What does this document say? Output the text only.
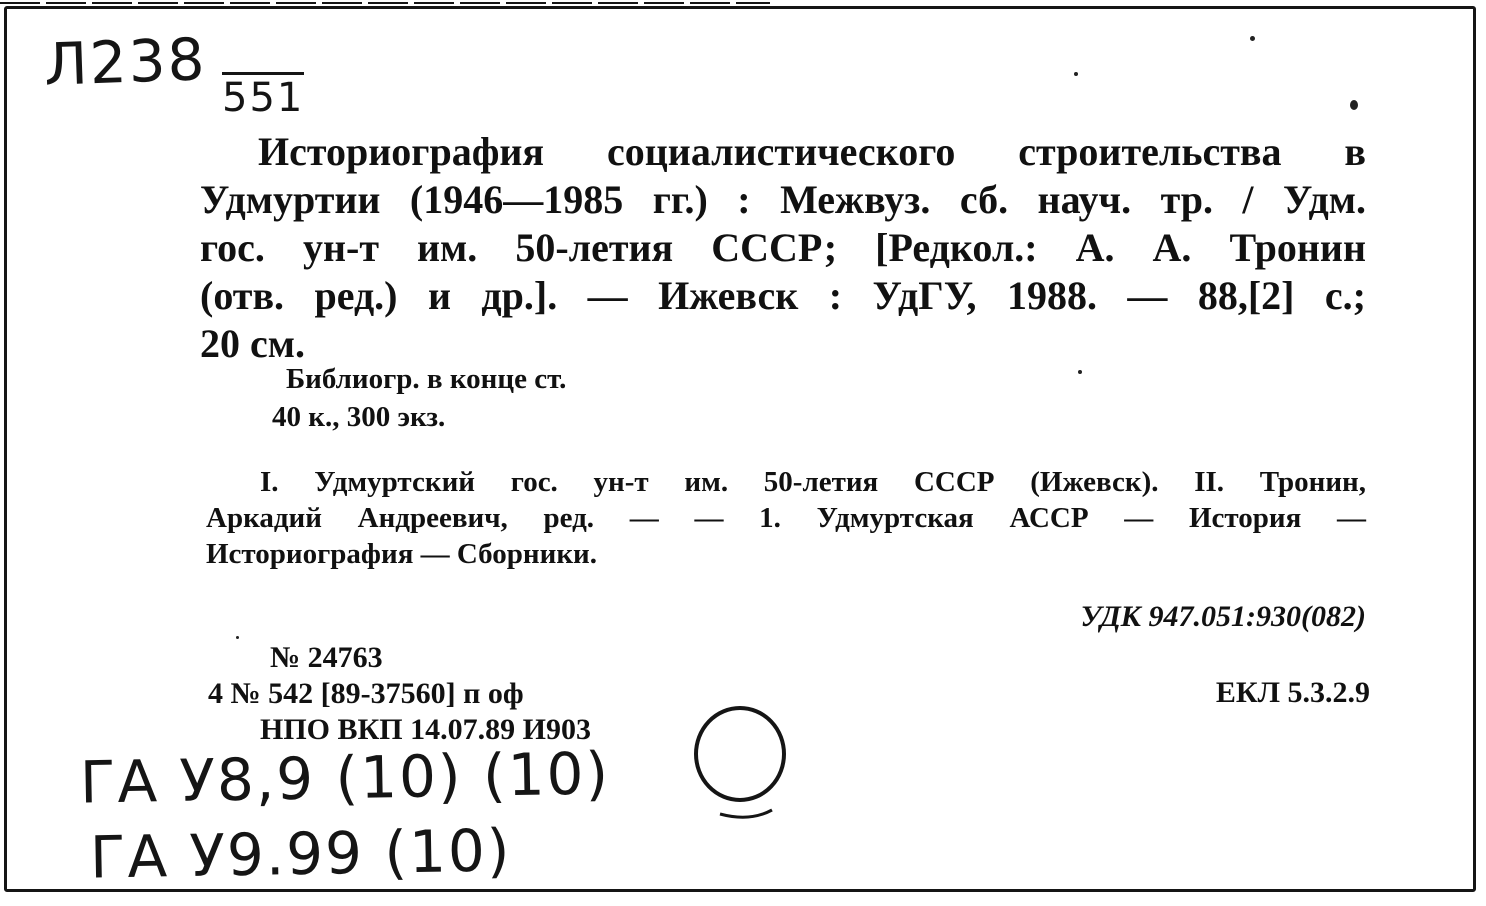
Л238 551
Историография социалистического строительства в
Удмуртии (1946—1985 гг.) : Межвуз. сб. науч. тр. / Удм.
гос. ун-т им. 50-летия СССР; [Редкол.: А. А. Тронин
(отв. ред.) и др.]. — Ижевск : УдГУ, 1988. — 88,[2] с.;
20 см.
Библиогр. в конце ст.
40 к., 300 экз.
I. Удмуртский гос. ун-т им. 50-летия СССР (Ижевск). II. Тронин,
Аркадий Андреевич, ред. — — 1. Удмуртская АССР — История —
Историография — Сборники.
УДК 947.051:930(082)
ЕКЛ 5.3.2.9
№ 24763
4 № 542 [89-37560] п оф
НПО ВКП 14.07.89 И903
ГА У8,9 (10) (10)
ГА У9.99 (10)
